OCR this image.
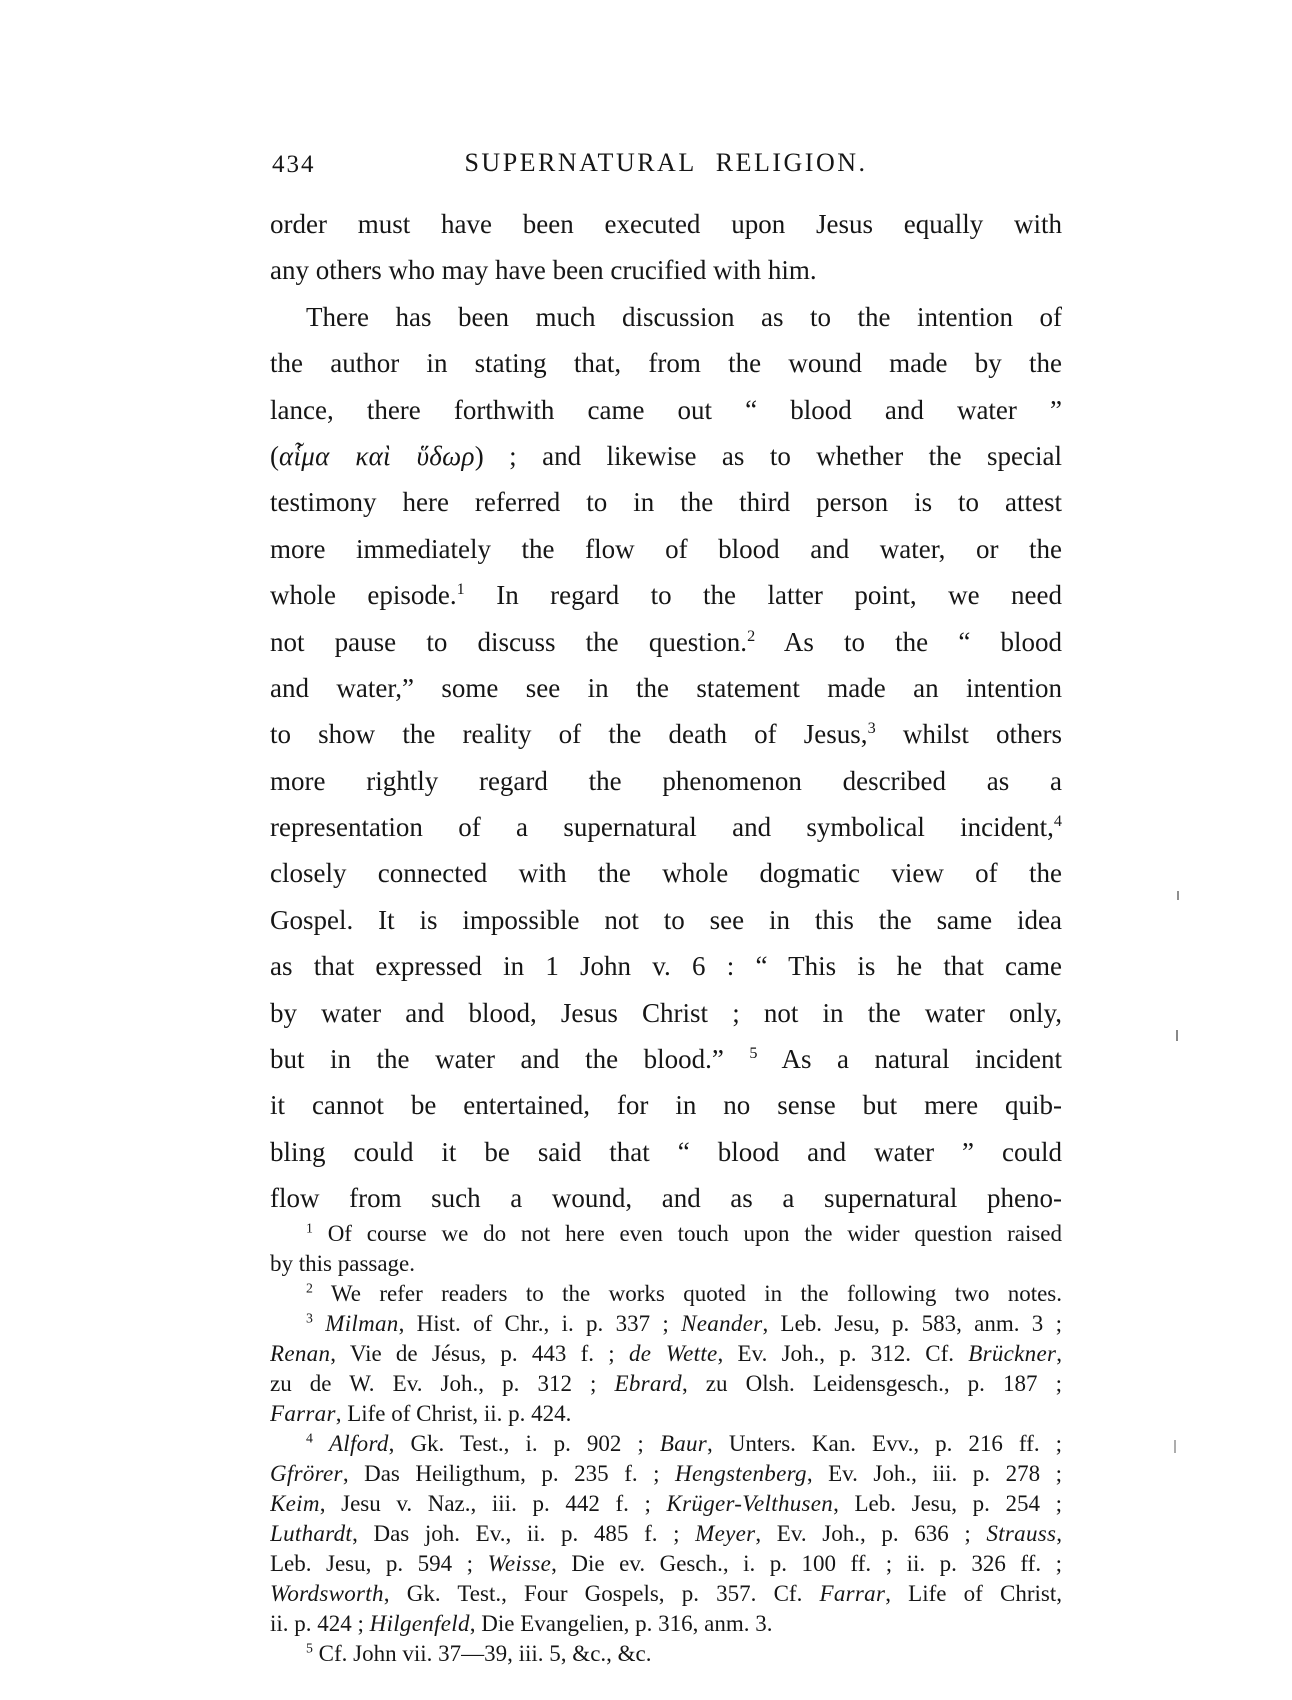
434	SUPERNATURAL RELIGION.
order must have been executed upon Jesus equally with
any others who may have been crucified with him.
There has been much discussion as to the intention of
the author in stating that, from the wound made by the
lance, there forthwith came out “ blood and water ”
(αἷμα καὶ ὕδωρ) ; and likewise as to whether the special
testimony here referred to in the third person is to attest
more immediately the flow of blood and water, or the
whole episode.$^1$ In regard to the latter point, we need
not pause to discuss the question.$^2$ As to the “ blood
and water,” some see in the statement made an intention
to show the reality of the death of Jesus,$^3$ whilst others
more rightly regard the phenomenon described as a
representation of a supernatural and symbolical incident,$^4$
closely connected with the whole dogmatic view of the
Gospel. It is impossible not to see in this the same idea
as that expressed in 1 John v. 6 : “ This is he that came
by water and blood, Jesus Christ ; not in the water only,
but in the water and the blood.” $^5$ As a natural incident
it cannot be entertained, for in no sense but mere quib-
bling could it be said that “ blood and water ” could
flow from such a wound, and as a supernatural pheno-
$^1$ Of course we do not here even touch upon the wider question raised
by this passage.
$^2$ We refer readers to the works quoted in the following two notes.
$^3$ Milman, Hist. of Chr., i. p. 337 ; Neander, Leb. Jesu, p. 583, anm. 3 ;
Renan, Vie de Jésus, p. 443 f. ; de Wette, Ev. Joh., p. 312. Cf. Brückner,
zu de W. Ev. Joh., p. 312 ; Ebrard, zu Olsh. Leidensgesch., p. 187 ;
Farrar, Life of Christ, ii. p. 424.
$^4$ Alford, Gk. Test., i. p. 902 ; Baur, Unters. Kan. Evv., p. 216 ff. ;
Gfrörer, Das Heiligthum, p. 235 f. ; Hengstenberg, Ev. Joh., iii. p. 278 ;
Keim, Jesu v. Naz., iii. p. 442 f. ; Krüger-Velthusen, Leb. Jesu, p. 254 ;
Luthardt, Das joh. Ev., ii. p. 485 f. ; Meyer, Ev. Joh., p. 636 ; Strauss,
Leb. Jesu, p. 594 ; Weisse, Die ev. Gesch., i. p. 100 ff. ; ii. p. 326 ff. ;
Wordsworth, Gk. Test., Four Gospels, p. 357. Cf. Farrar, Life of Christ,
ii. p. 424 ; Hilgenfeld, Die Evangelien, p. 316, anm. 3.
$^5$ Cf. John vii. 37—39, iii. 5, &c., &c.
